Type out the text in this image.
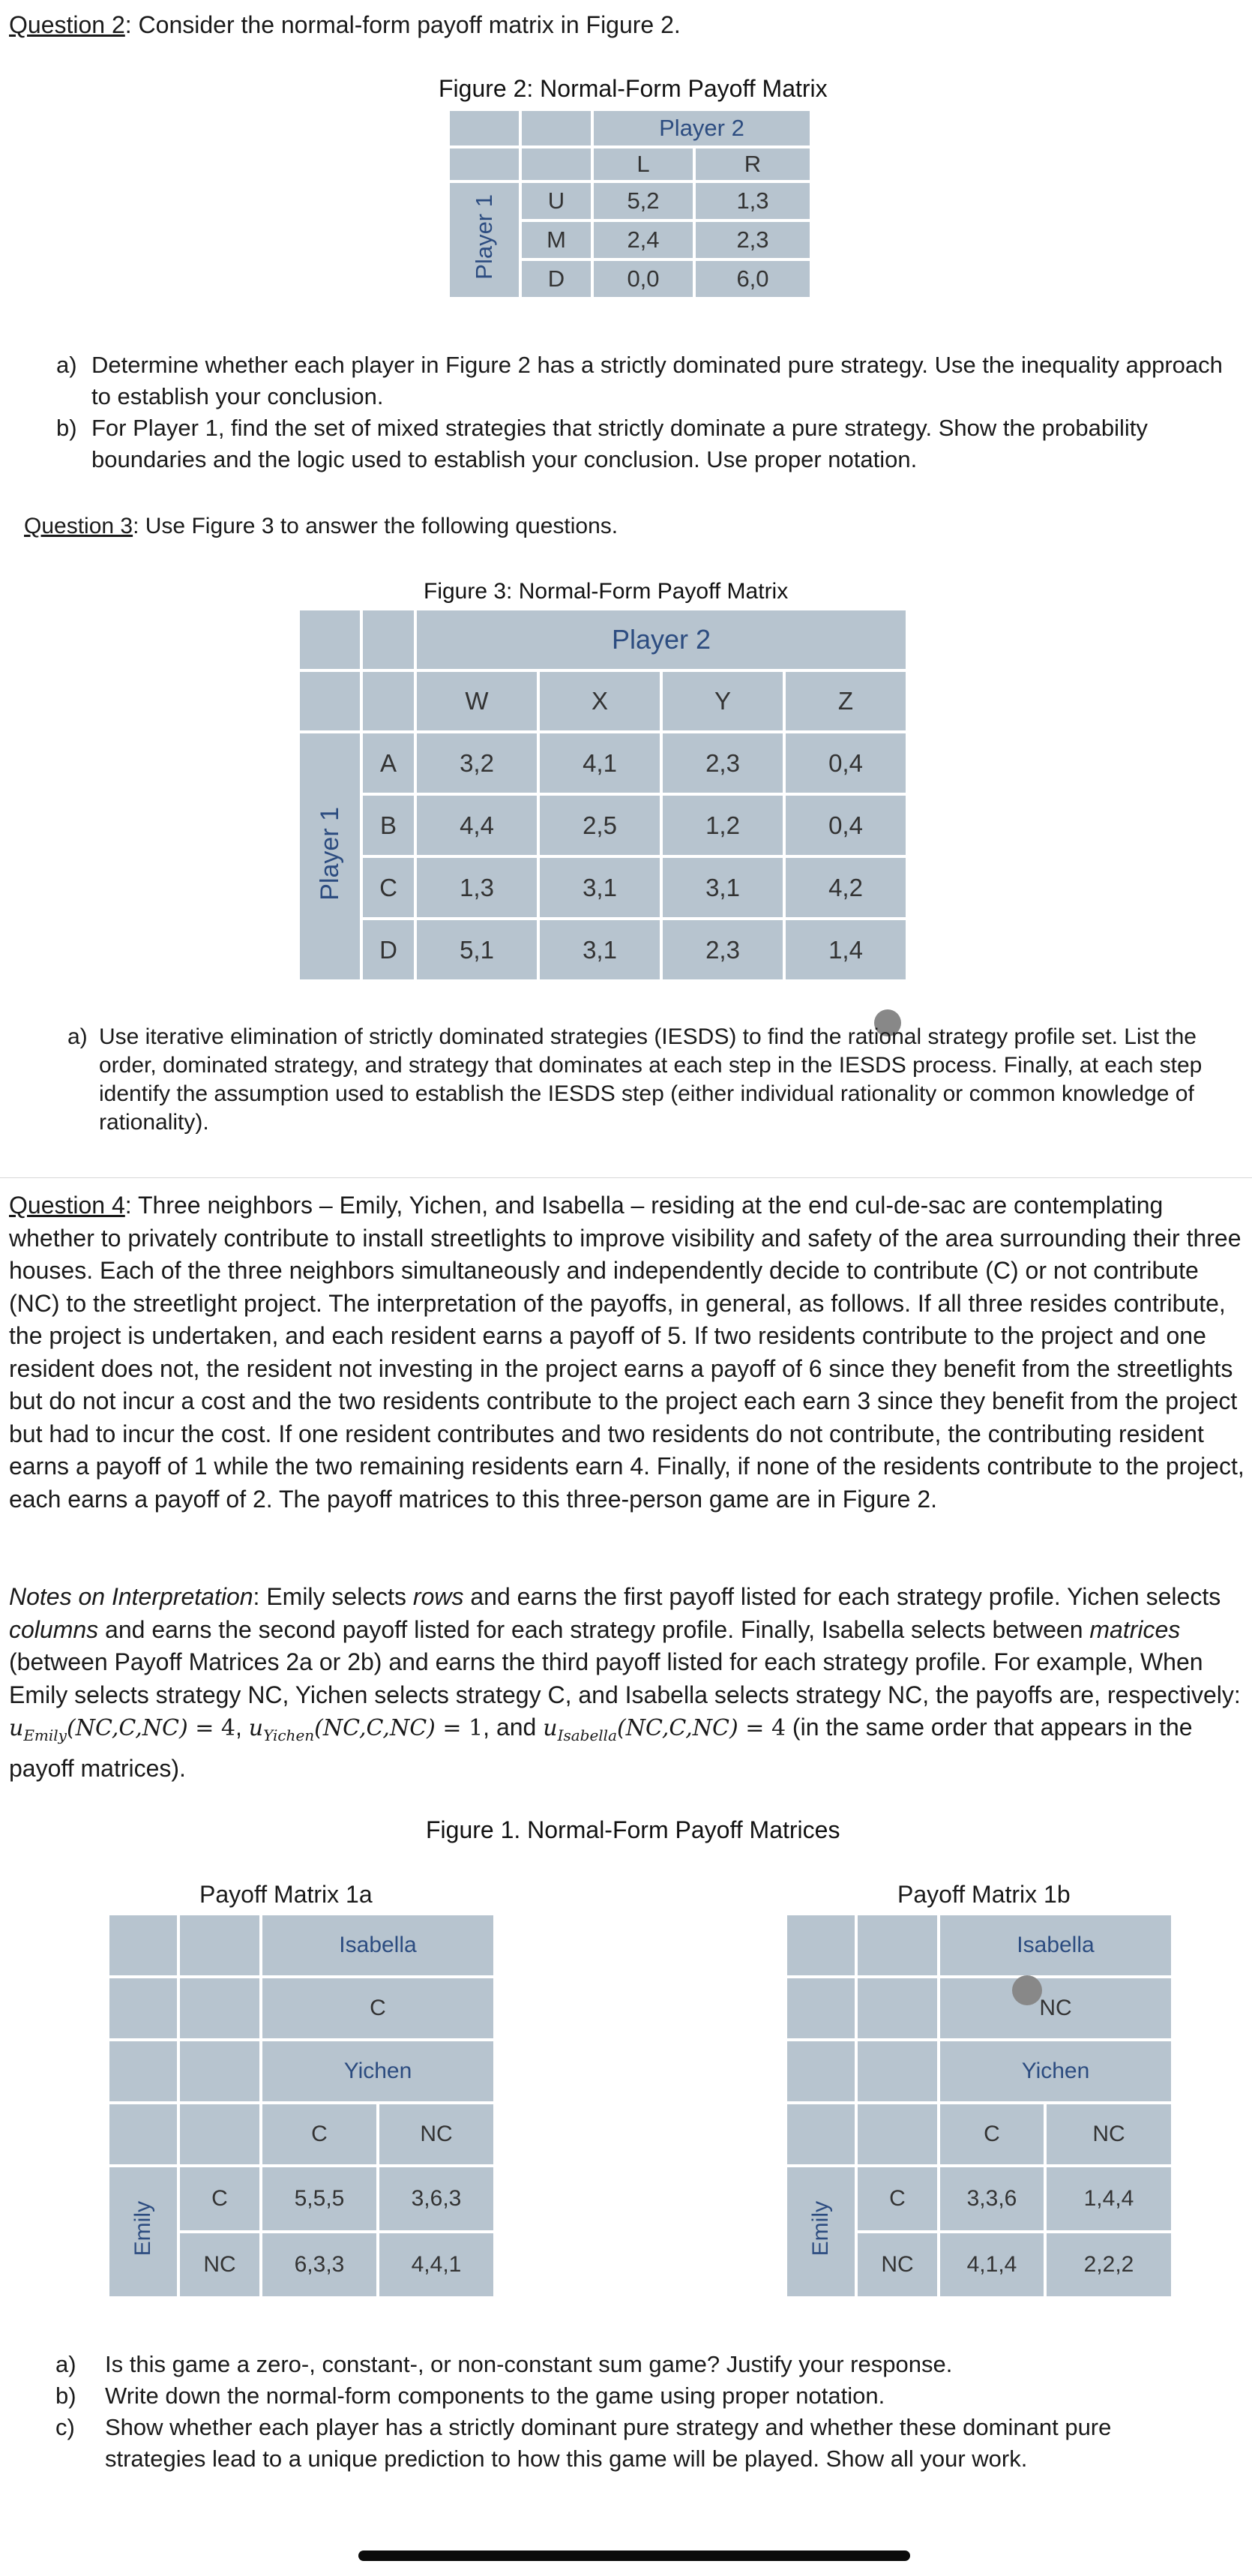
Question 2: Consider the normal-form payoff matrix in Figure 2.
Figure 2: Normal-Form Payoff Matrix
		Player 2	
		L	R
Player 1	U	5,2	1,3
	M	2,4	2,3
	D	0,0	6,0
a) Determine whether each player in Figure 2 has a strictly dominated pure strategy. Use the inequality approach to establish your conclusion.
b) For Player 1, find the set of mixed strategies that strictly dominate a pure strategy. Show the probability boundaries and the logic used to establish your conclusion. Use proper notation.
Question 3: Use Figure 3 to answer the following questions.
Figure 3: Normal-Form Payoff Matrix
		Player 2			
		W	X	Y	Z
Player 1	A	3,2	4,1	2,3	0,4
	B	4,4	2,5	1,2	0,4
	C	1,3	3,1	3,1	4,2
	D	5,1	3,1	2,3	1,4
a) Use iterative elimination of strictly dominated strategies (IESDS) to find the rational strategy profile set. List the order, dominated strategy, and strategy that dominates at each step in the IESDS process. Finally, at each step identify the assumption used to establish the IESDS step (either individual rationality or common knowledge of rationality).
Question 4: Three neighbors – Emily, Yichen, and Isabella – residing at the end cul-de-sac are contemplating whether to privately contribute to install streetlights to improve visibility and safety of the area surrounding their three houses. Each of the three neighbors simultaneously and independently decide to contribute (C) or not contribute (NC) to the streetlight project. The interpretation of the payoffs, in general, as follows. If all three resides contribute, the project is undertaken, and each resident earns a payoff of 5. If two residents contribute to the project and one resident does not, the resident not investing in the project earns a payoff of 6 since they benefit from the streetlights but do not incur a cost and the two residents contribute to the project each earn 3 since they benefit from the project but had to incur the cost. If one resident contributes and two residents do not contribute, the contributing resident earns a payoff of 1 while the two remaining residents earn 4. Finally, if none of the residents contribute to the project, each earns a payoff of 2. The payoff matrices to this three-person game are in Figure 2.
Notes on Interpretation: Emily selects rows and earns the first payoff listed for each strategy profile. Yichen selects columns and earns the second payoff listed for each strategy profile. Finally, Isabella selects between matrices (between Payoff Matrices 2a or 2b) and earns the third payoff listed for each strategy profile. For example, When Emily selects strategy NC, Yichen selects strategy C, and Isabella selects strategy NC, the payoffs are, respectively:
$u_{Emily}(NC,C,NC) = 4$, $u_{Yichen}(NC,C,NC) = 1$, and $u_{Isabella}(NC,C,NC) = 4$ (in the same order that appears in the payoff matrices).
Figure 1. Normal-Form Payoff Matrices
Payoff Matrix 1a
		Isabella	
		C	
		Yichen	
		C	NC
Emily	C	5,5,5	3,6,3
	NC	6,3,3	4,4,1
Payoff Matrix 1b
		Isabella	
		NC	
		Yichen	
		C	NC
Emily	C	3,3,6	1,4,4
	NC	4,1,4	2,2,2
a) Is this game a zero-, constant-, or non-constant sum game? Justify your response.
b) Write down the normal-form components to the game using proper notation.
c) Show whether each player has a strictly dominant pure strategy and whether these dominant pure strategies lead to a unique prediction to how this game will be played. Show all your work.
